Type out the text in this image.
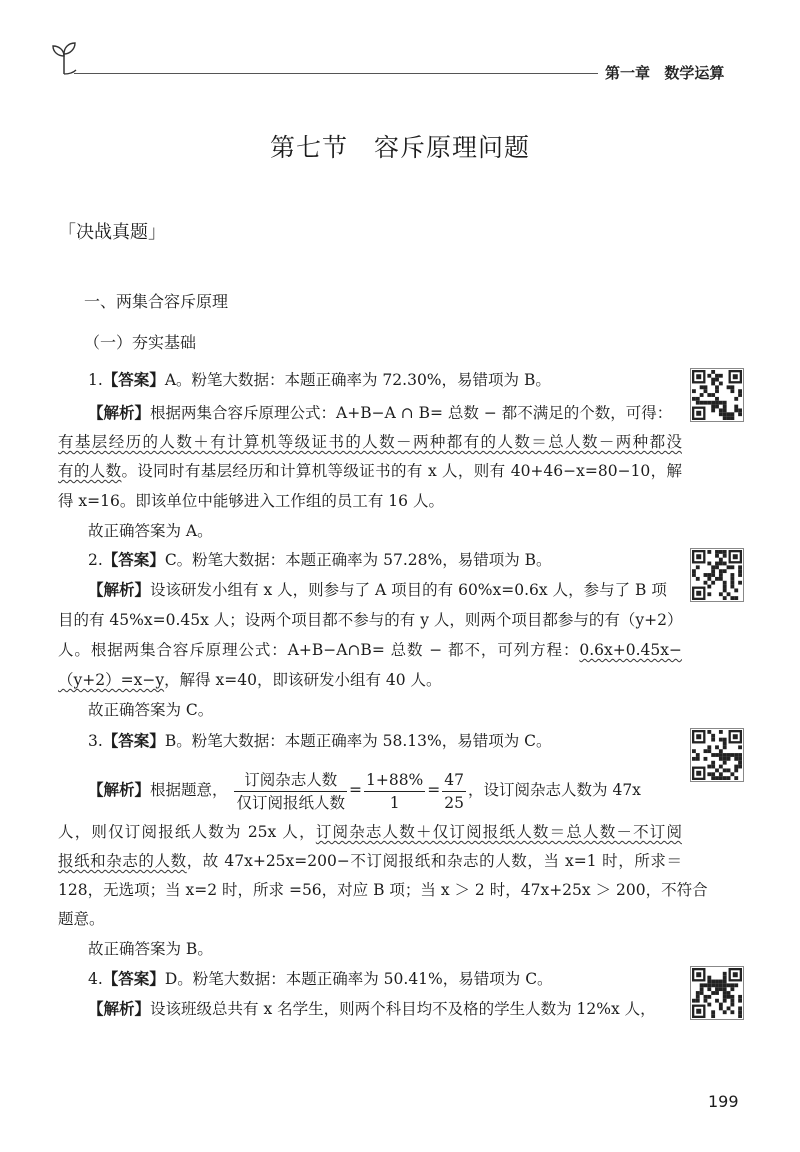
第一章 数学运算
第七节　容斥原理问题
「决战真题」
一、两集合容斥原理
（一）夯实基础
1.【答案】A。粉笔大数据：本题正确率为 72.30%，易错项为 B。
【解析】根据两集合容斥原理公式：A+B−A ∩ B= 总数 − 都不满足的个数，可得：
有基层经历的人数＋有计算机等级证书的人数－两种都有的人数＝总人数－两种都没
有的人数。设同时有基层经历和计算机等级证书的有 x 人，则有 40+46−x=80−10，解
得 x=16。即该单位中能够进入工作组的员工有 16 人。
故正确答案为 A。
2.【答案】C。粉笔大数据：本题正确率为 57.28%，易错项为 B。
【解析】设该研发小组有 x 人，则参与了 A 项目的有 60%x=0.6x 人，参与了 B 项
目的有 45%x=0.45x 人；设两个项目都不参与的有 y 人，则两个项目都参与的有（y+2）
人。根据两集合容斥原理公式：A+B−A∩B= 总数 − 都不，可列方程：0.6x+0.45x−
（y+2）=x−y，解得 x=40，即该研发小组有 40 人。
故正确答案为 C。
3.【答案】B。粉笔大数据：本题正确率为 58.13%，易错项为 C。
【解析】根据题意， $\frac{\text{订阅杂志人数}}{\text{仅订阅报纸人数}} = \frac{1+88\%}{1} = \frac{47}{25}$ ，设订阅杂志人数为 47x
人，则仅订阅报纸人数为 25x 人，订阅杂志人数＋仅订阅报纸人数＝总人数－不订阅
报纸和杂志的人数，故 47x+25x=200−不订阅报纸和杂志的人数，当 x=1 时，所求＝
128，无选项；当 x=2 时，所求 =56，对应 B 项；当 x ＞ 2 时，47x+25x ＞ 200，不符合
题意。
故正确答案为 B。
4.【答案】D。粉笔大数据：本题正确率为 50.41%，易错项为 C。
【解析】设该班级总共有 x 名学生，则两个科目均不及格的学生人数为 12%x 人，
199
